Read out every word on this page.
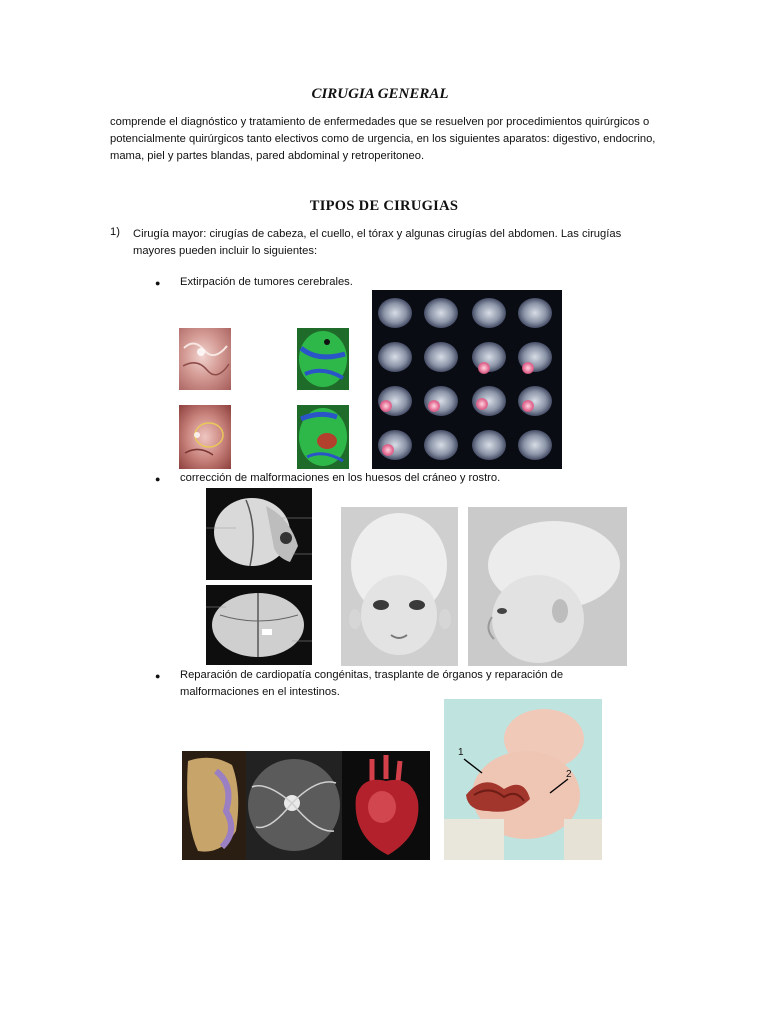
CIRUGIA GENERAL
comprende el diagnóstico y tratamiento de enfermedades que se resuelven por procedimientos quirúrgicos o potencialmente quirúrgicos tanto electivos como de urgencia, en los siguientes aparatos: digestivo, endocrino, mama, piel y partes blandas, pared abdominal y retroperitoneo.
TIPOS DE CIRUGIAS
1) Cirugía mayor: cirugías de cabeza, el cuello, el tórax y algunas cirugías del abdomen. Las cirugías mayores pueden incluir lo siguientes:
● Extirpación de tumores cerebrales.
● corrección de malformaciones en los huesos del cráneo y rostro.
● Reparación de cardiopatía congénitas, trasplante de órganos y reparación de malformaciones en el intestinos.
1
2
